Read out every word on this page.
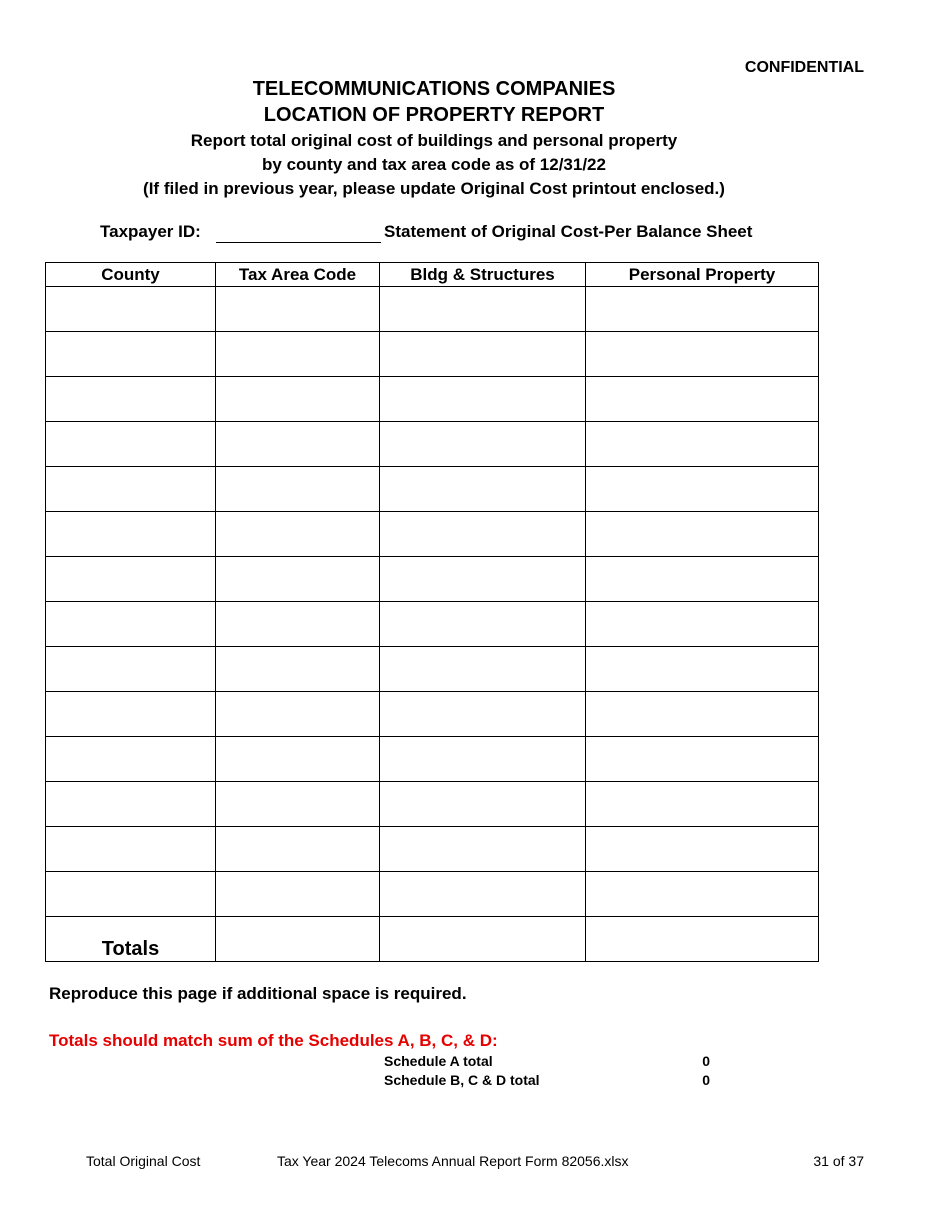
CONFIDENTIAL
TELECOMMUNICATIONS COMPANIES
LOCATION OF PROPERTY REPORT
Report total original cost of buildings and personal property
by county and tax area code as of 12/31/22
(If filed in previous year, please update Original Cost printout enclosed.)
Taxpayer ID:	Statement of Original Cost-Per Balance Sheet
County	Tax Area Code	Bldg & Structures	Personal Property

Totals			
Reproduce this page if additional space is required.
Totals should match sum of the Schedules A, B, C, & D:
Schedule A total	0
Schedule B, C & D total	0
Total Original Cost	Tax Year 2024 Telecoms Annual Report Form 82056.xlsx	31 of 37
